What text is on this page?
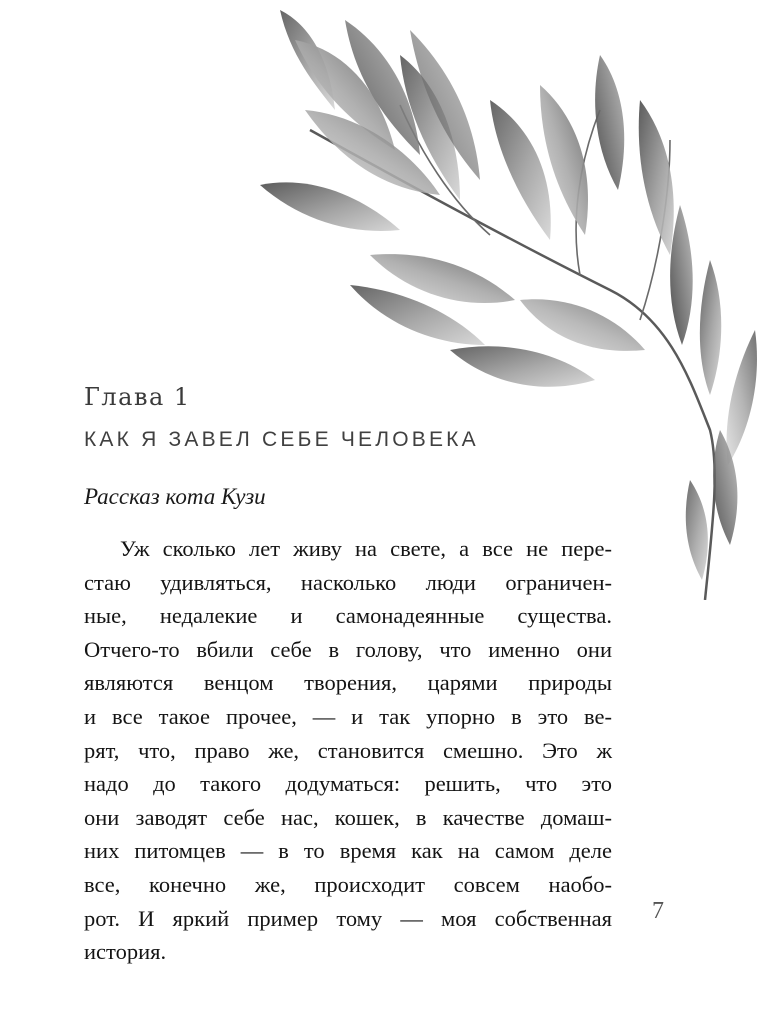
Глава 1
КАК Я ЗАВЕЛ СЕБЕ ЧЕЛОВЕКА
Рассказ кота Кузи
Уж сколько лет живу на свете, а все не пере-
стаю удивляться, насколько люди ограничен-
ные, недалекие и самонадеянные существа.
Отчего-то вбили себе в голову, что именно они
являются венцом творения, царями природы
и все такое прочее, — и так упорно в это ве-
рят, что, право же, становится смешно. Это ж
надо до такого додуматься: решить, что это
они заводят себе нас, кошек, в качестве домаш-
них питомцев — в то время как на самом деле
все, конечно же, происходит совсем наобо-
рот. И яркий пример тому — моя собственная
история.
7
